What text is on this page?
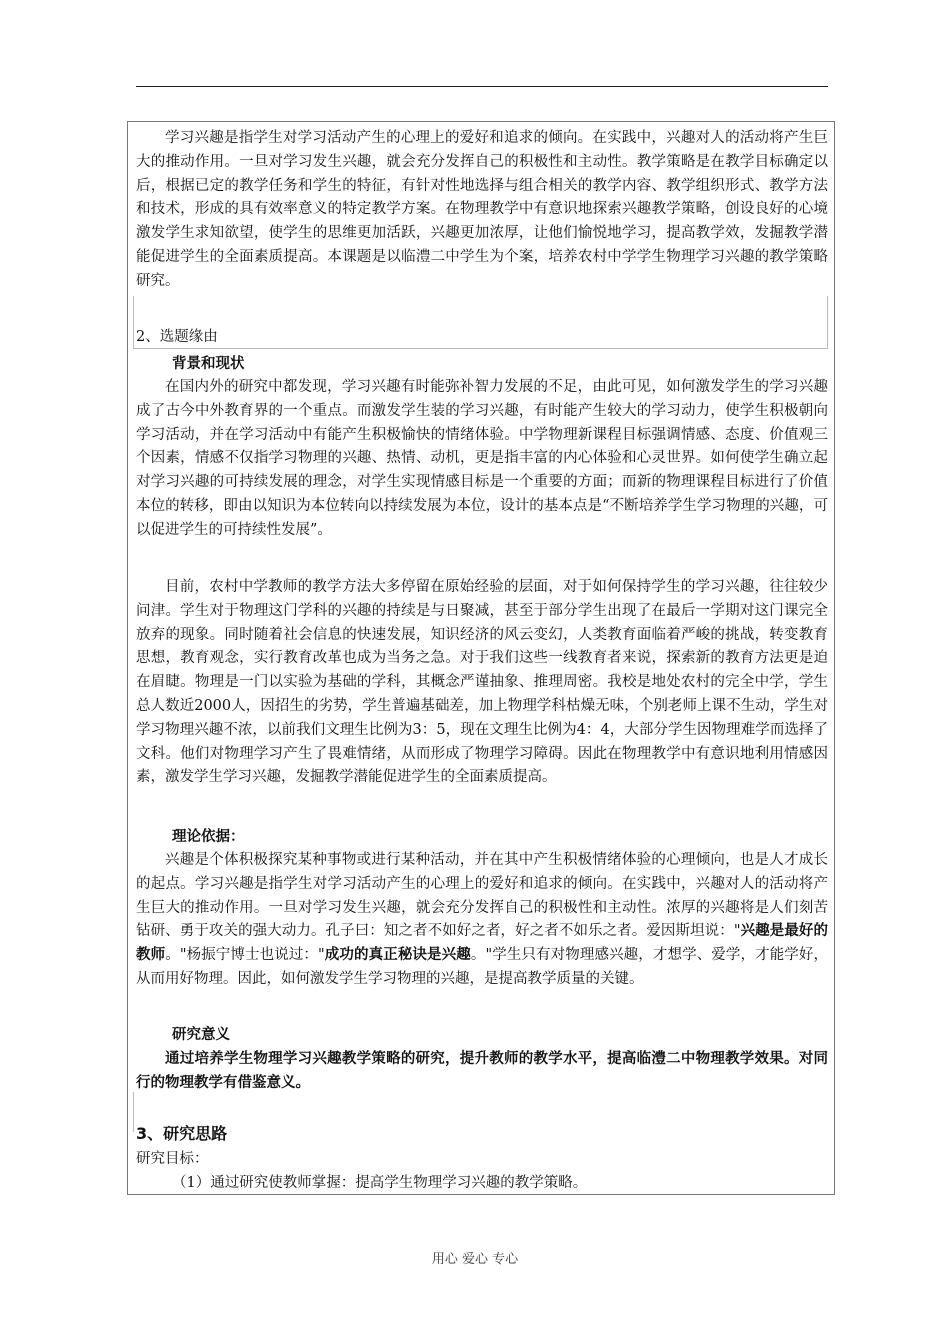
学习兴趣是指学生对学习活动产生的心理上的爱好和追求的倾向。在实践中，兴趣对人的活动将产生巨大的推动作用。一旦对学习发生兴趣，就会充分发挥自己的积极性和主动性。教学策略是在教学目标确定以后，根据已定的教学任务和学生的特征，有针对性地选择与组合相关的教学内容、教学组织形式、教学方法和技术，形成的具有效率意义的特定教学方案。在物理教学中有意识地探索兴趣教学策略，创设良好的心境激发学生求知欲望，使学生的思维更加活跃，兴趣更加浓厚，让他们愉悦地学习，提高教学效，发掘教学潜能促进学生的全面素质提高。本课题是以临澧二中学生为个案，培养农村中学学生物理学习兴趣的教学策略研究。

2、选题缘由

背景和现状

在国内外的研究中都发现，学习兴趣有时能弥补智力发展的不足，由此可见，如何激发学生的学习兴趣成了古今中外教育界的一个重点。而激发学生装的学习兴趣，有时能产生较大的学习动力，使学生积极朝向学习活动，并在学习活动中有能产生积极愉快的情绪体验。中学物理新课程目标强调情感、态度、价值观三个因素，情感不仅指学习物理的兴趣、热情、动机，更是指丰富的内心体验和心灵世界。如何使学生确立起对学习兴趣的可持续发展的理念，对学生实现情感目标是一个重要的方面；而新的物理课程目标进行了价值本位的转移，即由以知识为本位转向以持续发展为本位，设计的基本点是“不断培养学生学习物理的兴趣，可以促进学生的可持续性发展”。

目前，农村中学教师的教学方法大多停留在原始经验的层面，对于如何保持学生的学习兴趣，往往较少问津。学生对于物理这门学科的兴趣的持续是与日聚减，甚至于部分学生出现了在最后一学期对这门课完全放弃的现象。同时随着社会信息的快速发展，知识经济的风云变幻，人类教育面临着严峻的挑战，转变教育思想，教育观念，实行教育改革也成为当务之急。对于我们这些一线教育者来说，探索新的教育方法更是迫在眉睫。物理是一门以实验为基础的学科，其概念严谨抽象、推理周密。我校是地处农村的完全中学，学生总人数近2000人，因招生的劣势，学生普遍基础差，加上物理学科枯燥无味，个别老师上课不生动，学生对学习物理兴趣不浓，以前我们文理生比例为3：5，现在文理生比例为4：4，大部分学生因物理难学而选择了文科。他们对物理学习产生了畏难情绪，从而形成了物理学习障碍。因此在物理教学中有意识地利用情感因素，激发学生学习兴趣，发掘教学潜能促进学生的全面素质提高。

理论依据：

兴趣是个体积极探究某种事物或进行某种活动，并在其中产生积极情绪体验的心理倾向，也是人才成长的起点。学习兴趣是指学生对学习活动产生的心理上的爱好和追求的倾向。在实践中，兴趣对人的活动将产生巨大的推动作用。一旦对学习发生兴趣，就会充分发挥自己的积极性和主动性。浓厚的兴趣将是人们刻苦钻研、勇于攻关的强大动力。孔子曰：知之者不如好之者，好之者不如乐之者。爱因斯坦说："兴趣是最好的教师。"杨振宁博士也说过："成功的真正秘诀是兴趣。"学生只有对物理感兴趣，才想学、爱学，才能学好，从而用好物理。因此，如何激发学生学习物理的兴趣，是提高教学质量的关键。

研究意义

通过培养学生物理学习兴趣教学策略的研究，提升教师的教学水平，提高临澧二中物理教学效果。对同行的物理教学有借鉴意义。

3、研究思路

研究目标：

（1）通过研究使教师掌握：提高学生物理学习兴趣的教学策略。

用心 爱心 专心
